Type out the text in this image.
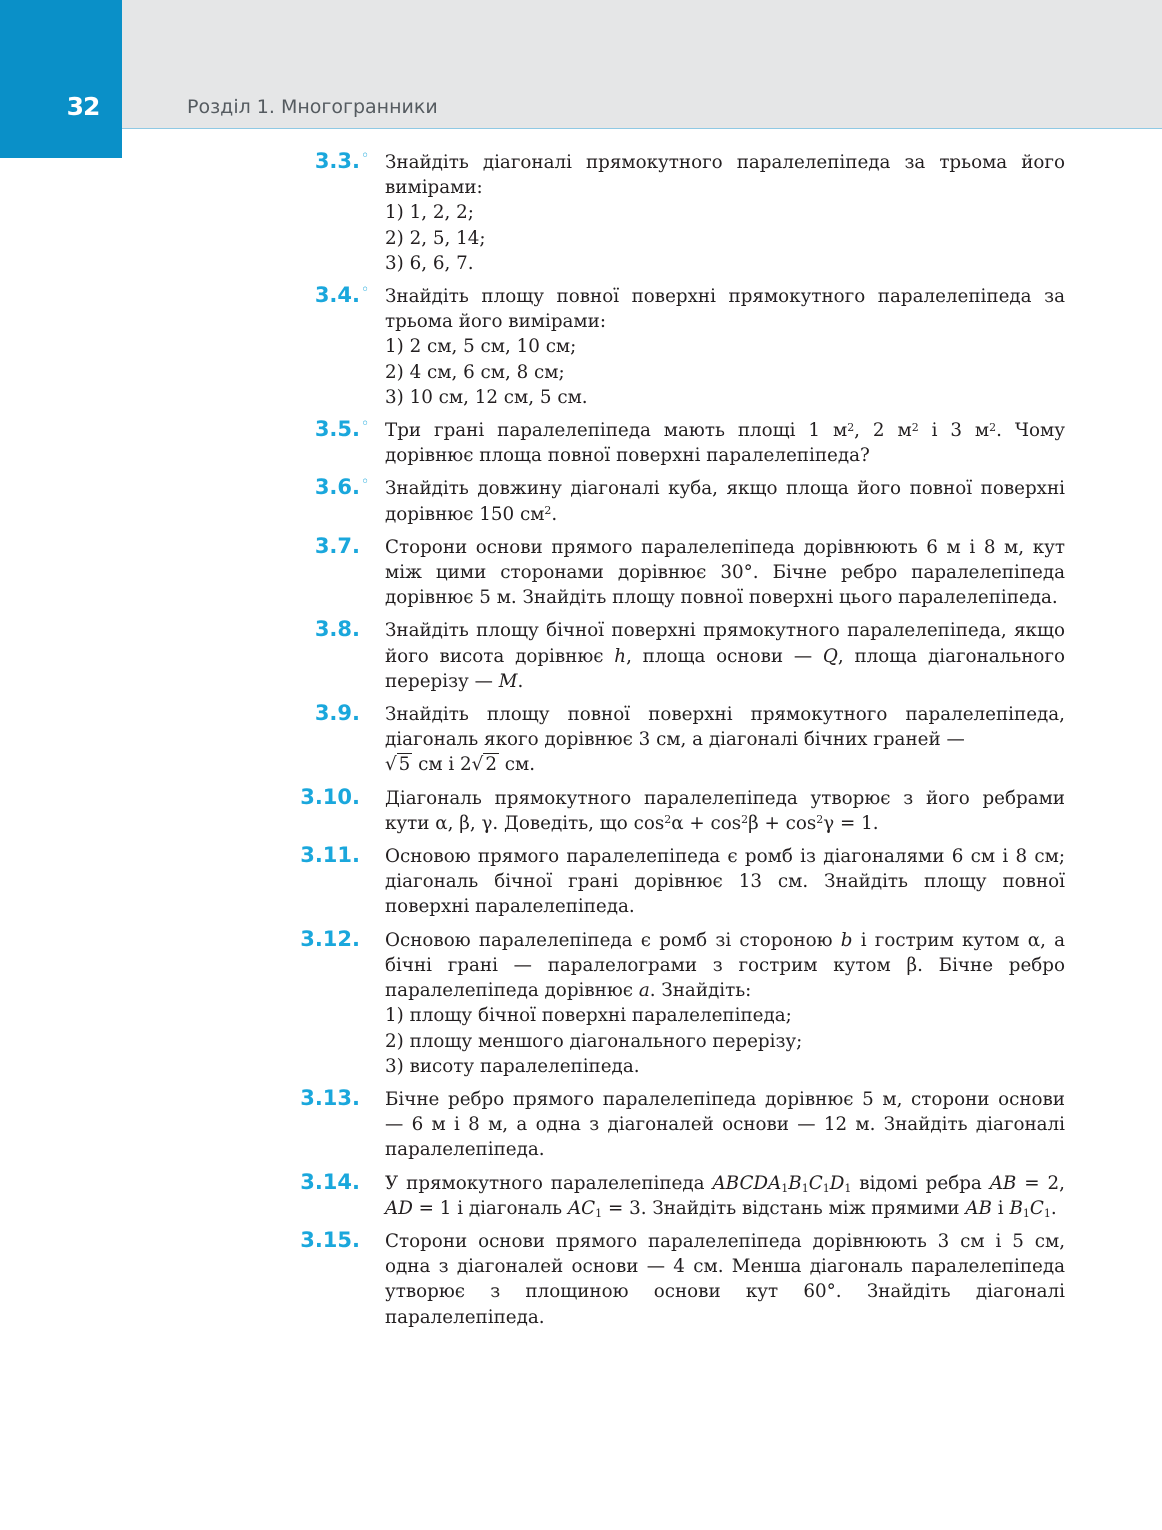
32	Розділ 1. Многогранники
3.3. ◦ Знайдіть діагоналі прямокутного паралелепіпеда за трьома його вимірами:

1) 1, 2, 2;

2) 2, 5, 14;

3) 6, 6, 7.

3.4. ◦ Знайдіть площу повної поверхні прямокутного паралелепіпеда за трьома його вимірами:

1) 2 см, 5 см, 10 см;

2) 4 см, 6 см, 8 см;

3) 10 см, 12 см, 5 см.

3.5. ◦ Три грані паралелепіпеда мають площі 1 $м^2$, 2 $м^2$ і 3 $м^2$. Чому дорівнює площа повної поверхні паралелепіпеда?

3.6. ◦ Знайдіть довжину діагоналі куба, якщо площа його повної поверхні дорівнює 150 $см^2$.

3.7. Сторони основи прямого паралелепіпеда дорівнюють 6 м і 8 м, кут між цими сторонами дорівнює 30°. Бічне ребро паралелепіпеда дорівнює 5 м. Знайдіть площу повної поверхні цього паралелепіпеда.

3.8. Знайдіть площу бічної поверхні прямокутного паралелепіпеда, якщо його висота дорівнює h, площа основи — Q, площа діагонального перерізу — M.

3.9. Знайдіть площу повної поверхні прямокутного паралелепіпеда, діагональ якого дорівнює 3 см, а діагоналі бічних граней —
√ 5 см і 2√ 2 см.

3.10. Діагональ прямокутного паралелепіпеда утворює з його ребрами кути α, β, γ. Доведіть, що $\cos^2\alpha + \cos^2\beta + \cos^2\gamma = 1$.

3.11. Основою прямого паралелепіпеда є ромб із діагоналями 6 см і 8 см; діагональ бічної грані дорівнює 13 см. Знайдіть площу повної поверхні паралелепіпеда.

3.12. Основою паралелепіпеда є ромб зі стороною b і гострим кутом α, а бічні грані — паралелограми з гострим кутом β. Бічне ребро паралелепіпеда дорівнює a. Знайдіть:

1) площу бічної поверхні паралелепіпеда;

2) площу меншого діагонального перерізу;

3) висоту паралелепіпеда.

3.13. Бічне ребро прямого паралелепіпеда дорівнює 5 м, сторони основи — 6 м і 8 м, а одна з діагоналей основи — 12 м. Знайдіть діагоналі паралелепіпеда.

3.14. У прямокутного паралелепіпеда $ABCDA_1B_1C_1D_1$ відомі ребра AB = 2, AD = 1 і діагональ $AC_1 = 3$. Знайдіть відстань між прямими AB і $B_1C_1$.

3.15. Сторони основи прямого паралелепіпеда дорівнюють 3 см і 5 см, одна з діагоналей основи — 4 см. Менша діагональ паралелепіпеда утворює з площиною основи кут 60°. Знайдіть діагоналі паралелепіпеда.
